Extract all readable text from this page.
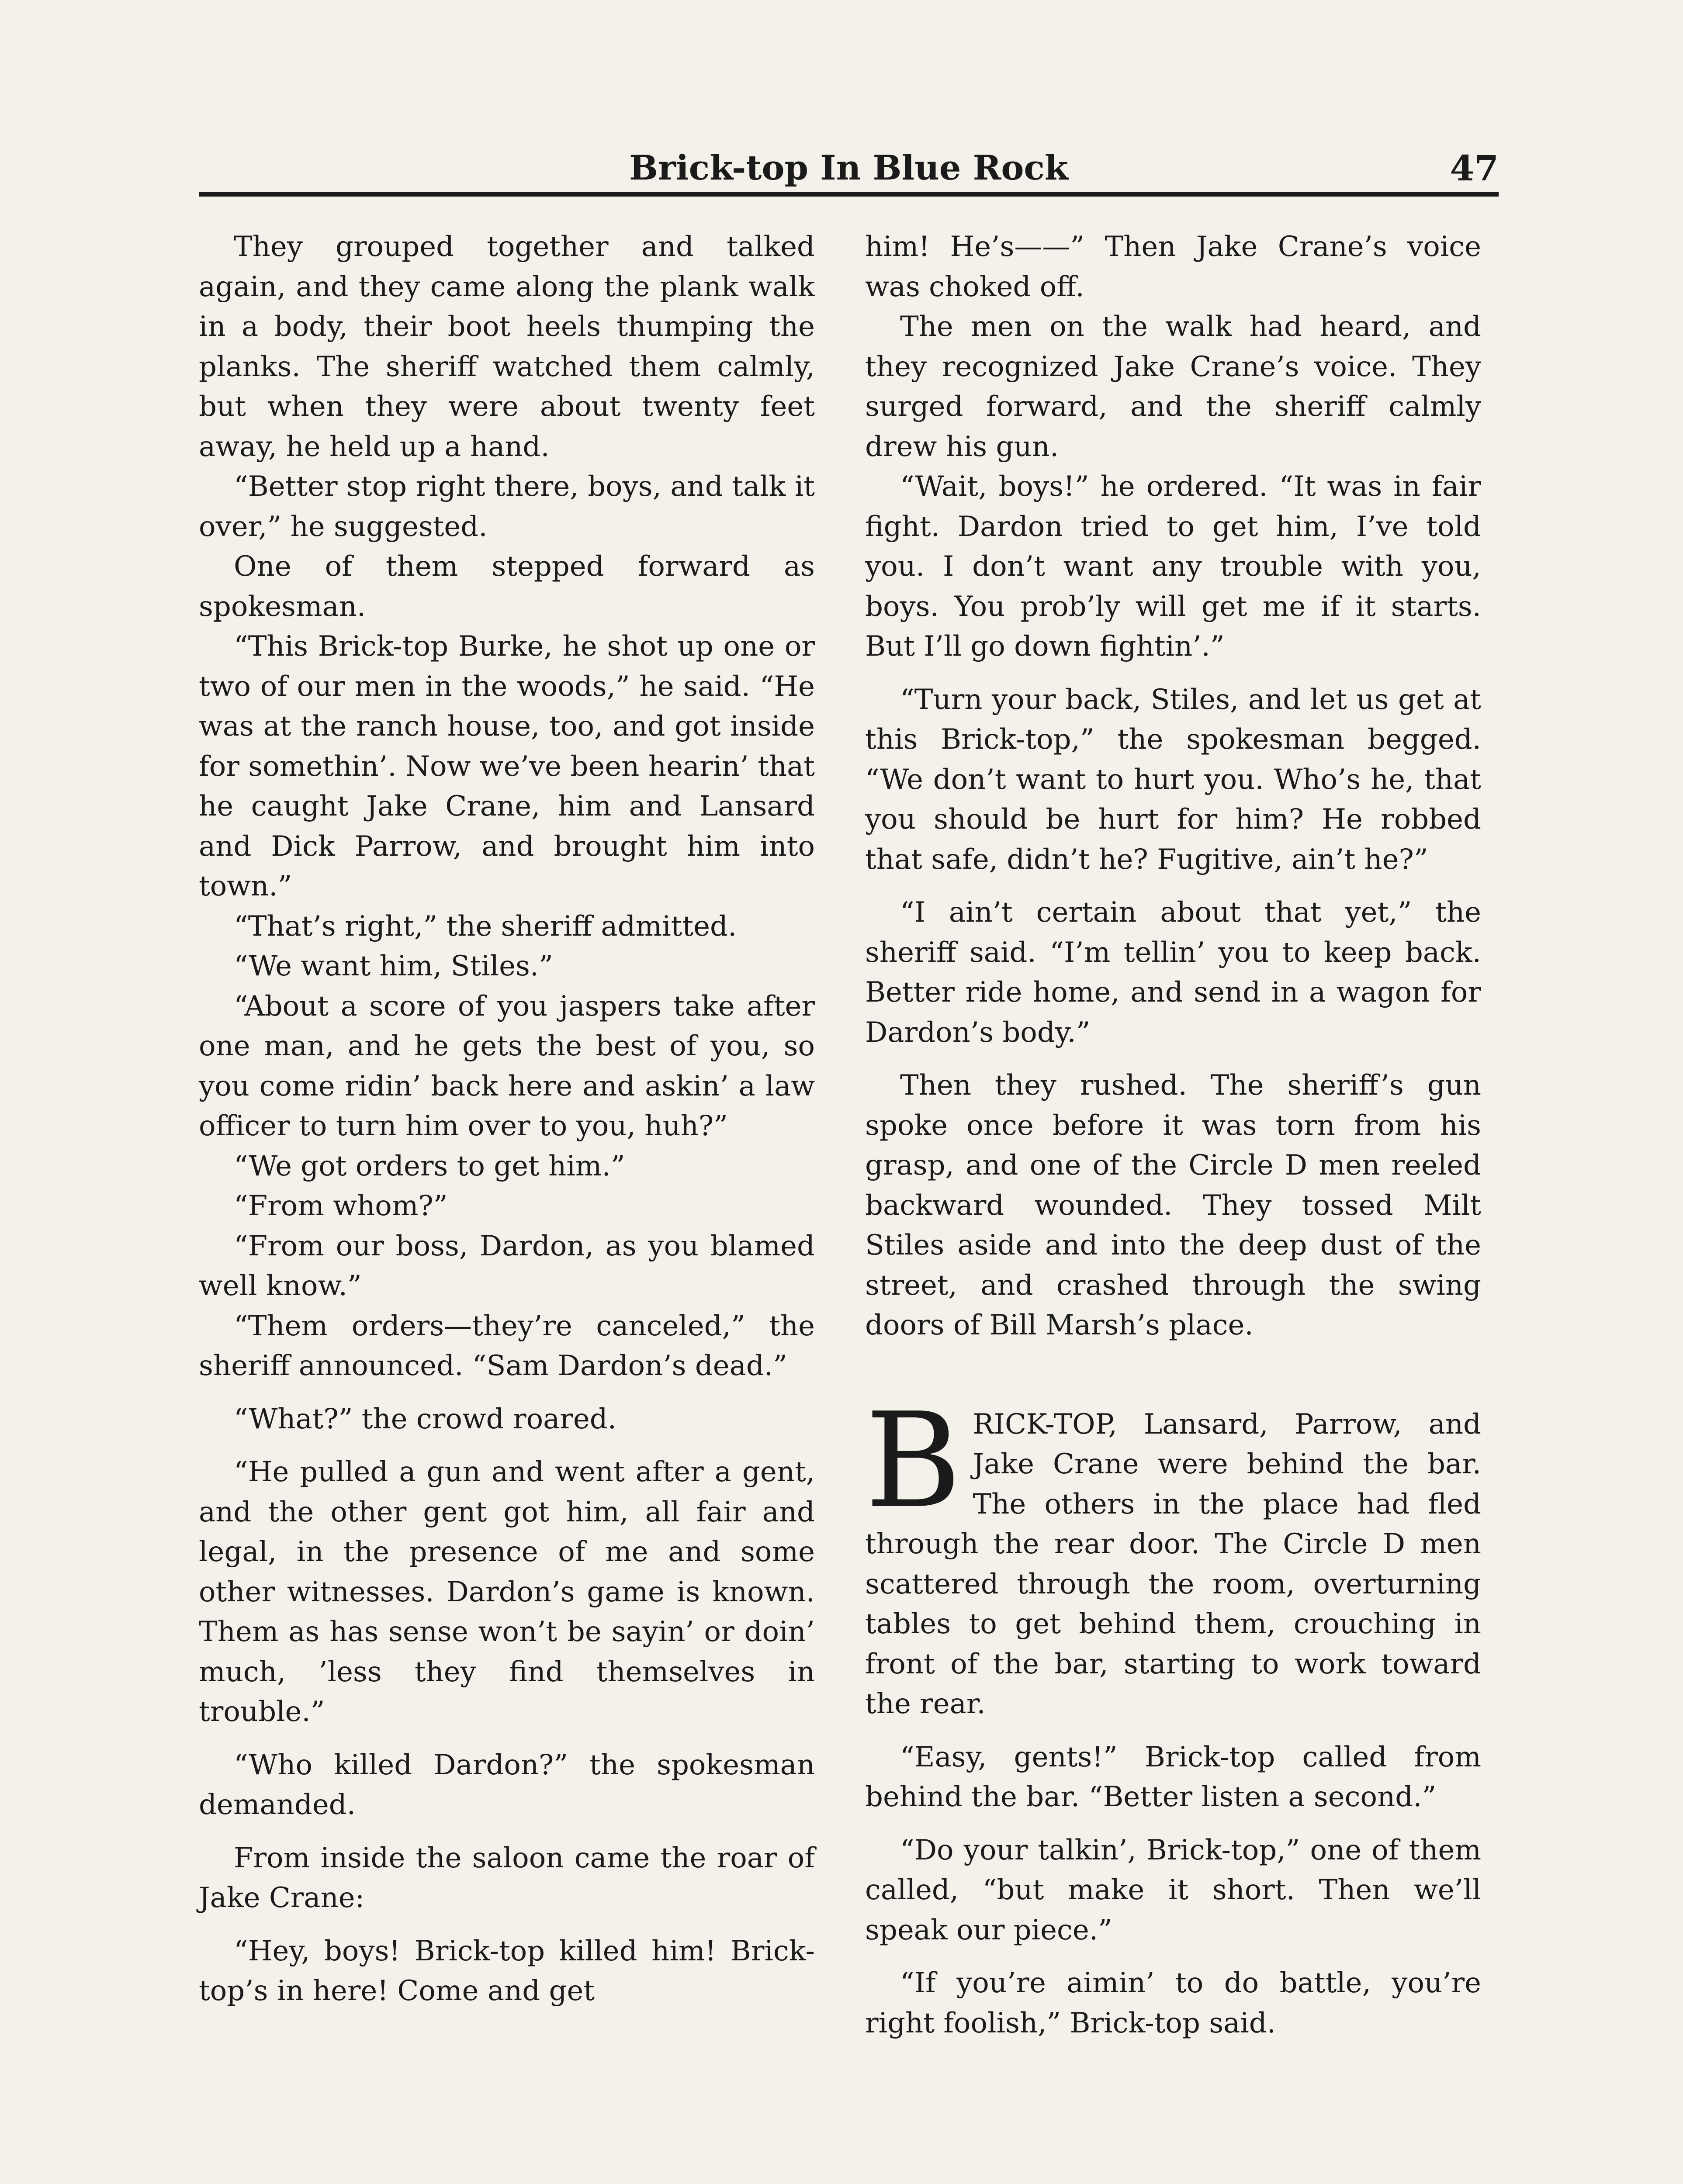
Brick-top In Blue Rock	47

They grouped together and talked again, and they came along the plank walk in a body, their boot heels thumping the planks. The sheriff watched them calmly, but when they were about twenty feet away, he held up a hand.

“Better stop right there, boys, and talk it over,” he suggested.

One of them stepped forward as spokesman.

“This Brick-top Burke, he shot up one or two of our men in the woods,” he said. “He was at the ranch house, too, and got inside for somethin’. Now we’ve been hearin’ that he caught Jake Crane, him and Lansard and Dick Parrow, and brought him into town.”

“That’s right,” the sheriff admitted.

“We want him, Stiles.”

“About a score of you jaspers take after one man, and he gets the best of you, so you come ridin’ back here and askin’ a law officer to turn him over to you, huh?”

“We got orders to get him.”

“From whom?”

“From our boss, Dardon, as you blamed well know.”

“Them orders—they’re canceled,” the sheriff announced. “Sam Dardon’s dead.”

“What?” the crowd roared.

“He pulled a gun and went after a gent, and the other gent got him, all fair and legal, in the presence of me and some other witnesses. Dardon’s game is known. Them as has sense won’t be sayin’ or doin’ much, ’less they find themselves in trouble.”

“Who killed Dardon?” the spokesman demanded.

From inside the saloon came the roar of Jake Crane:

“Hey, boys! Brick-top killed him! Brick-top’s in here! Come and get

him! He’s——” Then Jake Crane’s voice was choked off.

The men on the walk had heard, and they recognized Jake Crane’s voice. They surged forward, and the sheriff calmly drew his gun.

“Wait, boys!” he ordered. “It was in fair fight. Dardon tried to get him, I’ve told you. I don’t want any trouble with you, boys. You prob’ly will get me if it starts. But I’ll go down fightin’.”

“Turn your back, Stiles, and let us get at this Brick-top,” the spokesman begged. “We don’t want to hurt you. Who’s he, that you should be hurt for him? He robbed that safe, didn’t he? Fugitive, ain’t he?”

“I ain’t certain about that yet,” the sheriff said. “I’m tellin’ you to keep back. Better ride home, and send in a wagon for Dardon’s body.”

Then they rushed. The sheriff’s gun spoke once before it was torn from his grasp, and one of the Circle D men reeled backward wounded. They tossed Milt Stiles aside and into the deep dust of the street, and crashed through the swing doors of Bill Marsh’s place.

BRICK-TOP, Lansard, Parrow, and Jake Crane were behind the bar. The others in the place had fled through the rear door. The Circle D men scattered through the room, overturning tables to get behind them, crouching in front of the bar, starting to work toward the rear.

“Easy, gents!” Brick-top called from behind the bar. “Better listen a second.”

“Do your talkin’, Brick-top,” one of them called, “but make it short. Then we’ll speak our piece.”

“If you’re aimin’ to do battle, you’re right foolish,” Brick-top said.
